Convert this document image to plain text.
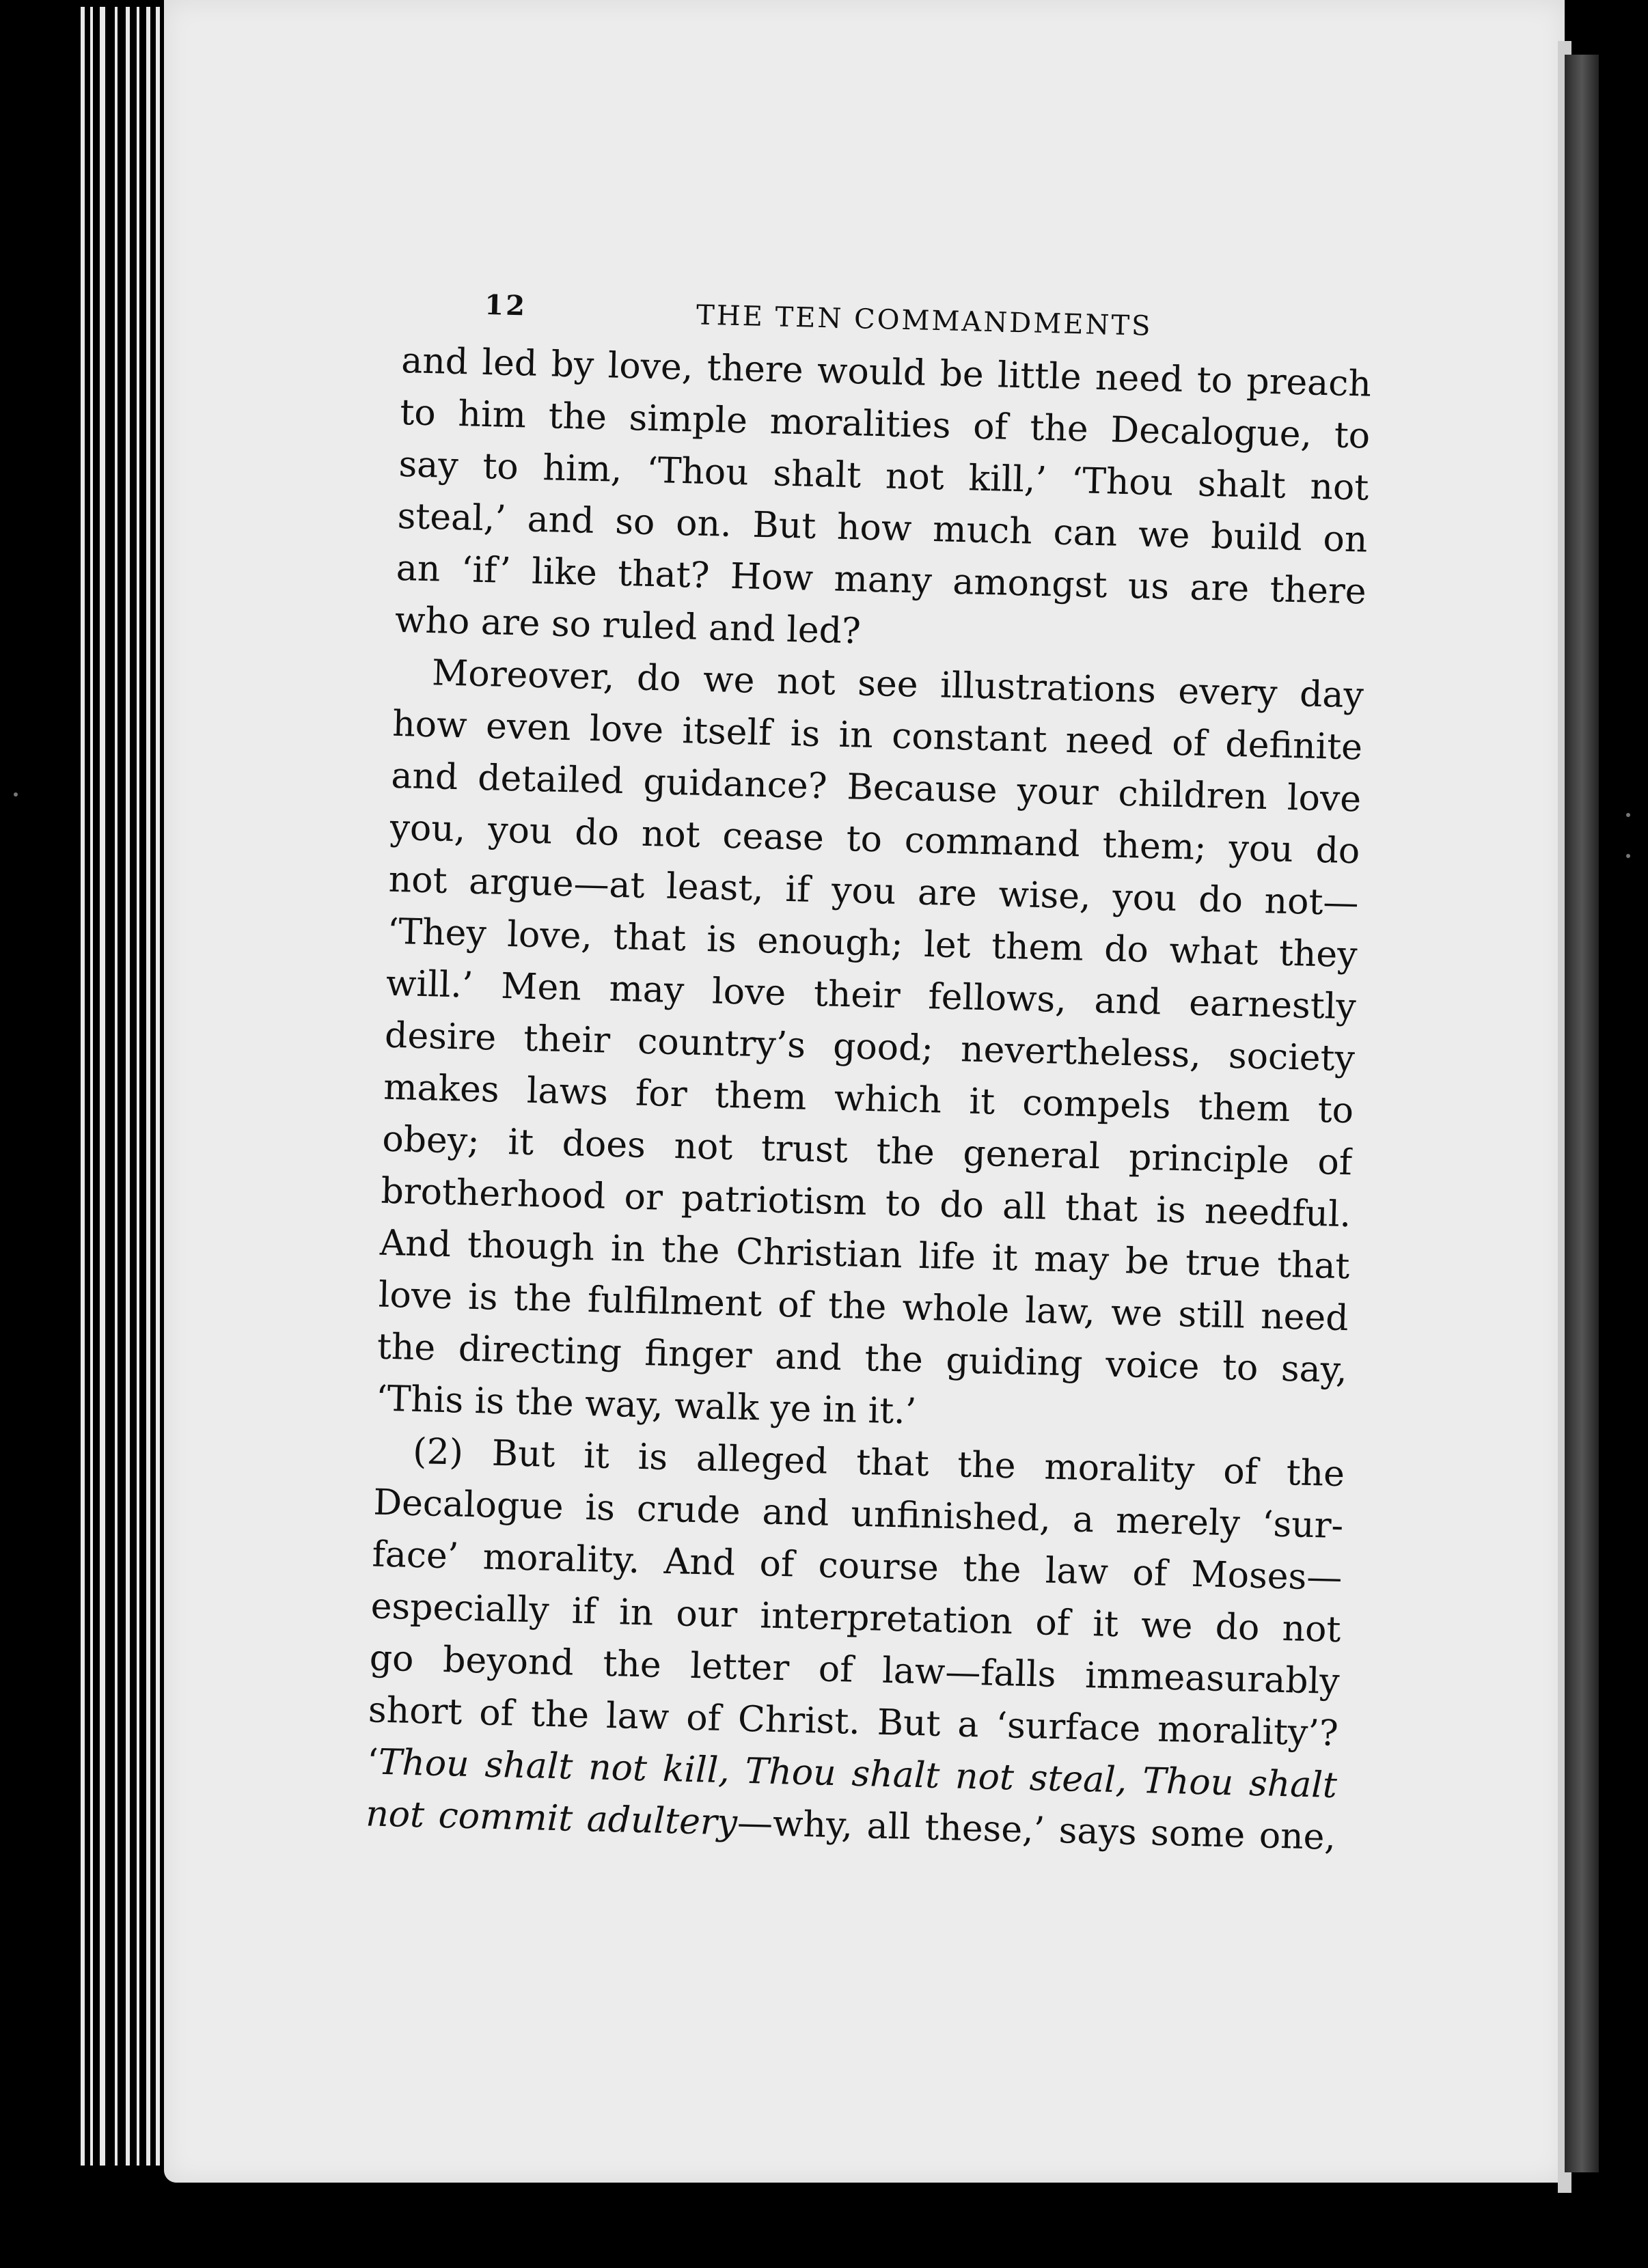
12	THE TEN COMMANDMENTS
and led by love, there would be little need to preach
to him the simple moralities of the Decalogue, to
say to him, ‘Thou shalt not kill,’ ‘Thou shalt not
steal,’ and so on. But how much can we build on
an ‘if’ like that? How many amongst us are there
who are so ruled and led?
Moreover, do we not see illustrations every day
how even love itself is in constant need of definite
and detailed guidance? Because your children love
you, you do not cease to command them; you do
not argue—at least, if you are wise, you do not—
‘They love, that is enough; let them do what they
will.’ Men may love their fellows, and earnestly
desire their country’s good; nevertheless, society
makes laws for them which it compels them to
obey; it does not trust the general principle of
brotherhood or patriotism to do all that is needful.
And though in the Christian life it may be true that
love is the fulfilment of the whole law, we still need
the directing finger and the guiding voice to say,
‘This is the way, walk ye in it.’
(2) But it is alleged that the morality of the
Decalogue is crude and unfinished, a merely ‘sur-
face’ morality. And of course the law of Moses—
especially if in our interpretation of it we do not
go beyond the letter of law—falls immeasurably
short of the law of Christ. But a ‘surface morality’?
‘Thou shalt not kill, Thou shalt not steal, Thou shalt
not commit adultery—why, all these,’ says some one,
